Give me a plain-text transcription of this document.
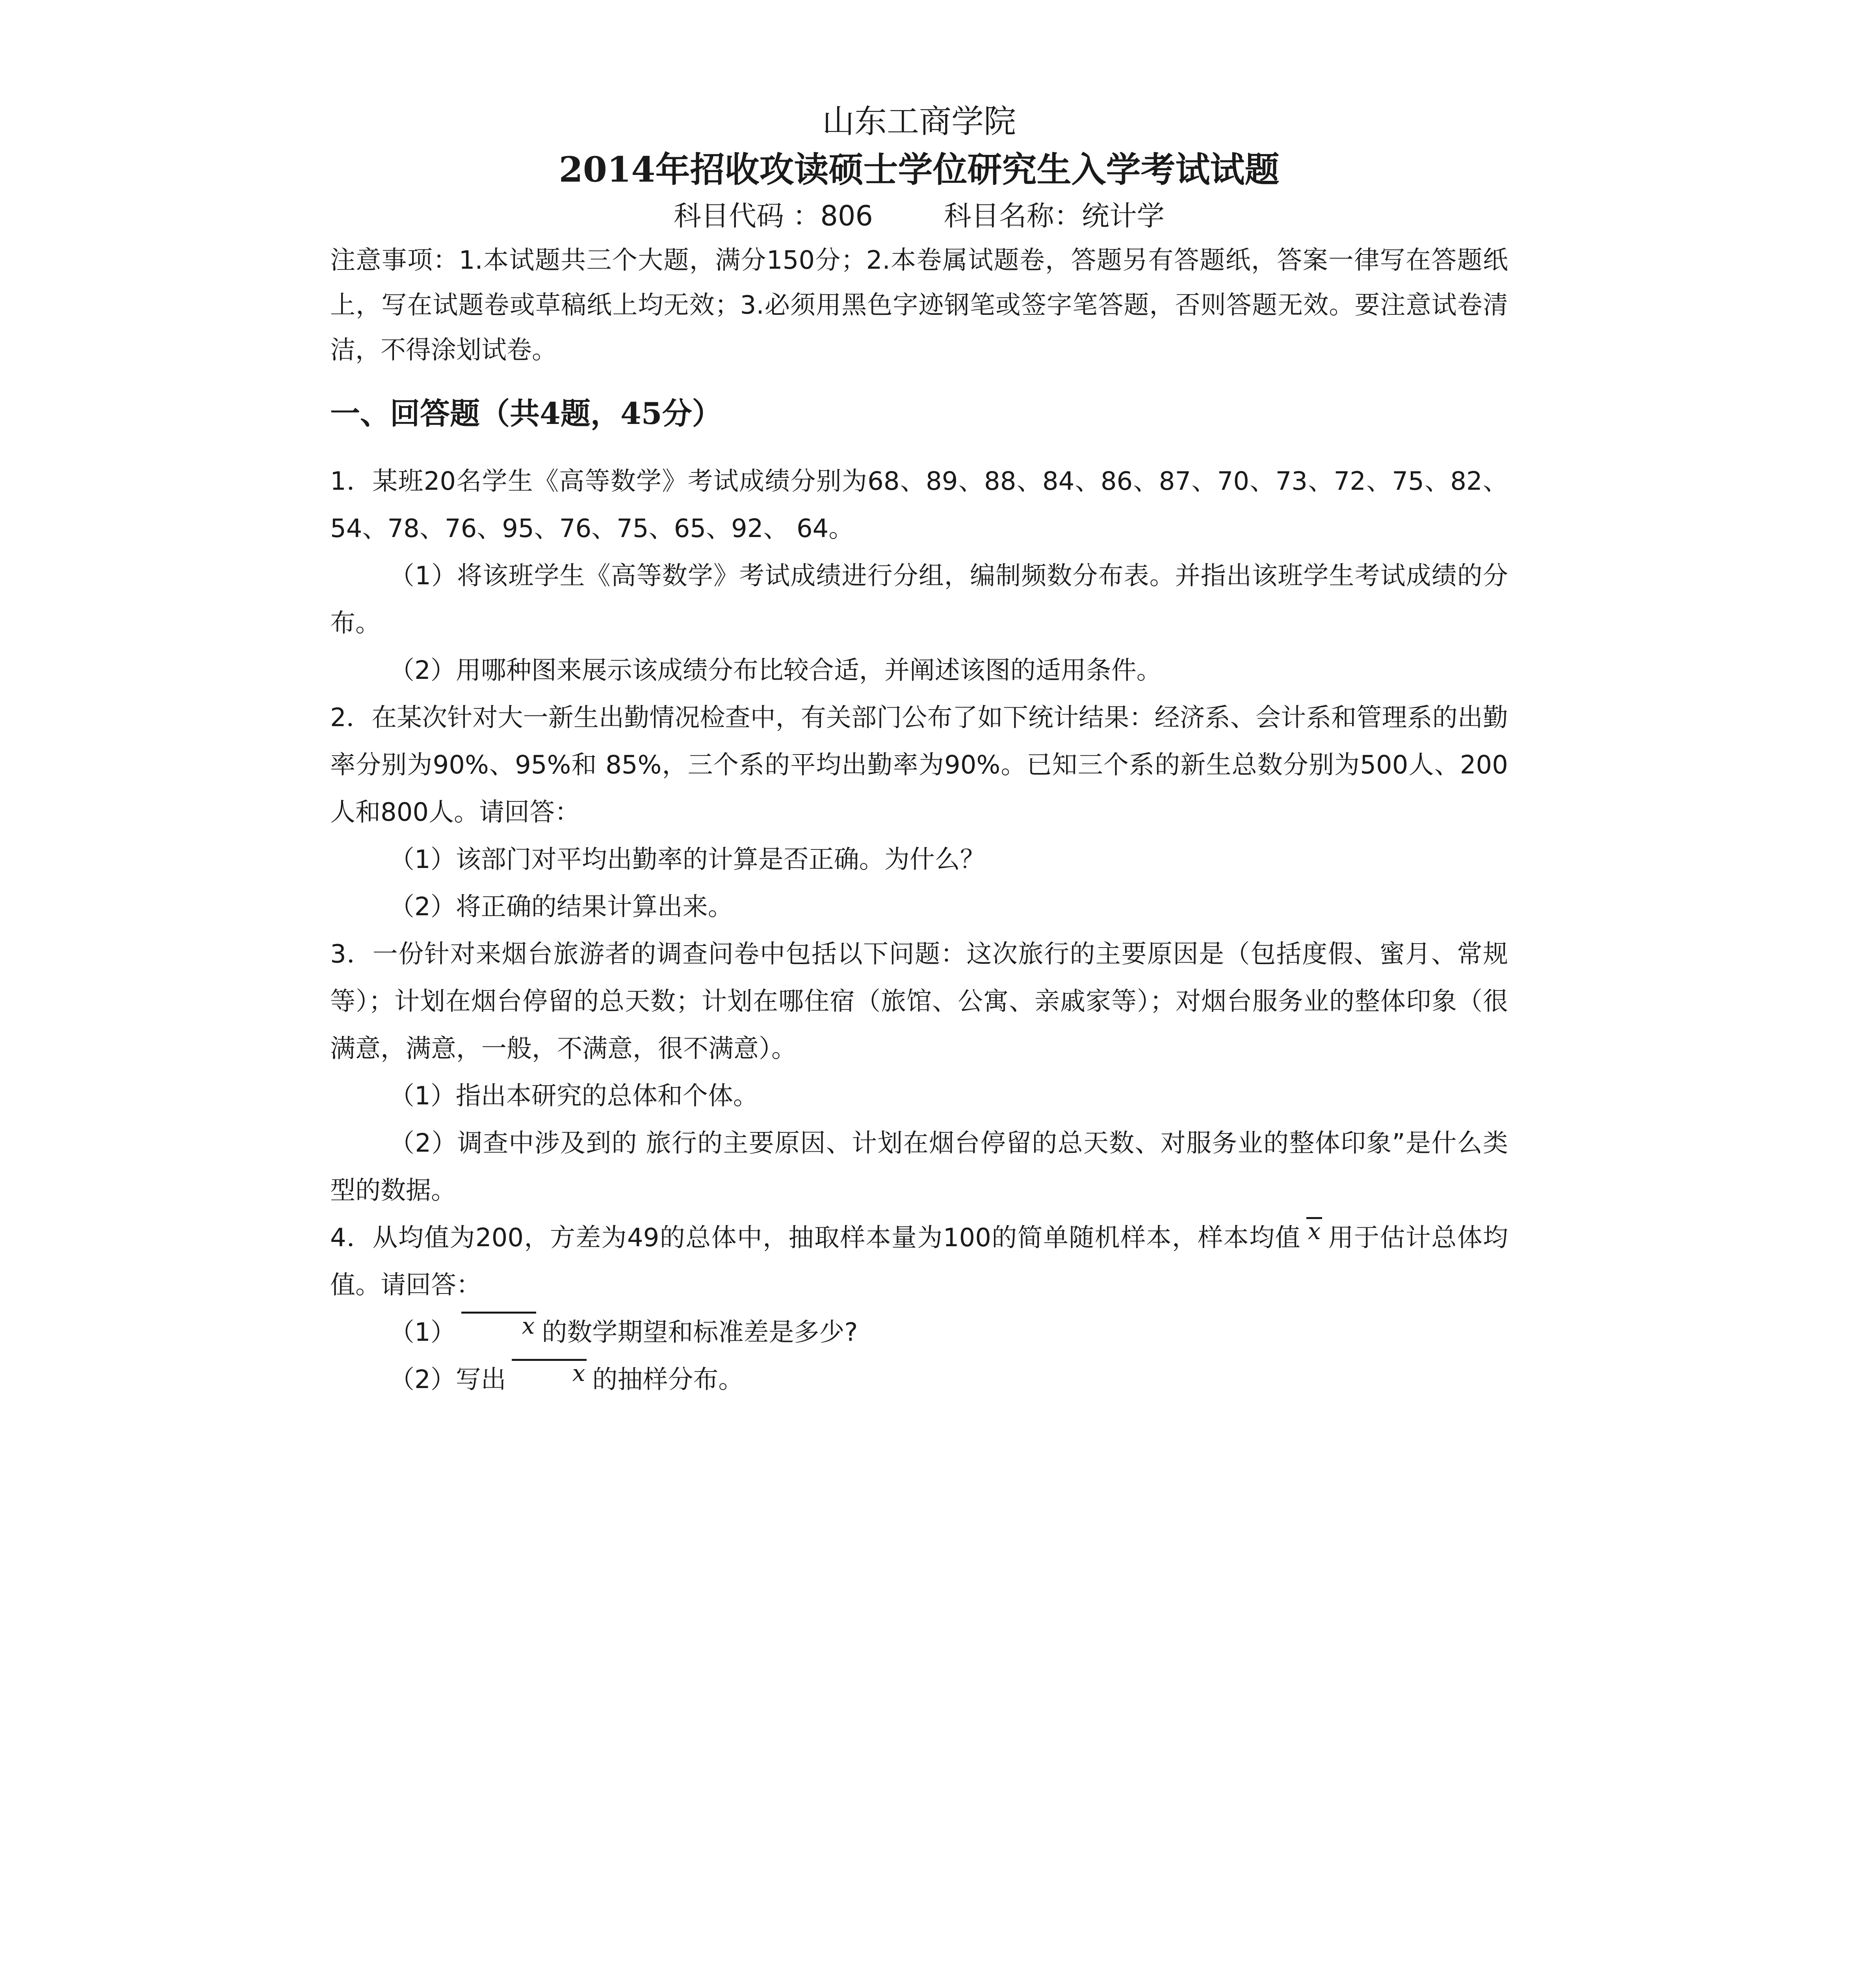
山东工商学院
2014年招收攻读硕士学位研究生入学考试试题
科目代码 ：806	科目名称：统计学

注意事项：1.本试题共三个大题，满分150分；2.本卷属试题卷，答题另有答题纸，答案一律写在答题纸上，写在试题卷或草稿纸上均无效；3.必须用黑色字迹钢笔或签字笔答题，否则答题无效。要注意试卷清洁，不得涂划试卷。

一、回答题（共4题，45分）

1．某班20名学生《高等数学》考试成绩分别为68、89、88、84、86、87、70、73、72、75、82、54、78、76、95、76、75、65、92、 64。

（1）将该班学生《高等数学》考试成绩进行分组，编制频数分布表。并指出该班学生考试成绩的分布。

（2）用哪种图来展示该成绩分布比较合适，并阐述该图的适用条件。

2．在某次针对大一新生出勤情况检查中，有关部门公布了如下统计结果：经济系、会计系和管理系的出勤率分别为90%、95%和 85%，三个系的平均出勤率为90%。已知三个系的新生总数分别为500人、200人和800人。请回答：

（1）该部门对平均出勤率的计算是否正确。为什么？

（2）将正确的结果计算出来。

3．一份针对来烟台旅游者的调查问卷中包括以下问题：这次旅行的主要原因是（包括度假、蜜月、常规等）；计划在烟台停留的总天数；计划在哪住宿（旅馆、公寓、亲戚家等）；对烟台服务业的整体印象（很满意，满意，一般，不满意，很不满意）。

（1）指出本研究的总体和个体。

（2）调查中涉及到的 旅行的主要原因、计划在烟台停留的总天数、对服务业的整体印象”是什么类型的数据。

4．从均值为200，方差为49的总体中，抽取样本量为100的简单随机样本，样本均值 x 用于估计总体均值。请回答：

（1）	x 的数学期望和标准差是多少?

（2）写出	x 的抽样分布。
